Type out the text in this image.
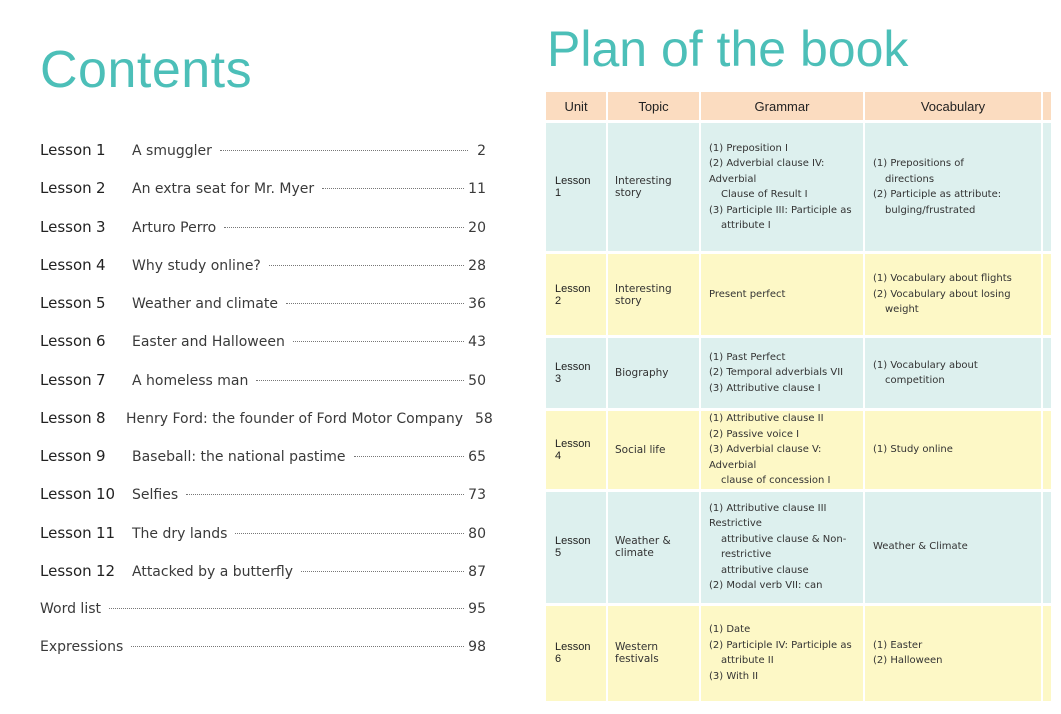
Contents
Lesson 1	A smuggler	2
Lesson 2	An extra seat for Mr. Myer	11
Lesson 3	Arturo Perro	20
Lesson 4	Why study online?	28
Lesson 5	Weather and climate	36
Lesson 6	Easter and Halloween	43
Lesson 7	A homeless man	50
Lesson 8	Henry Ford: the founder of Ford Motor Company 58
Lesson 9	Baseball: the national pastime	65
Lesson 10	Selfies	73
Lesson 11	The dry lands	80
Lesson 12	Attacked by a butterfly	87
Word list	95
Expressions	98
Plan of the book
Unit	Topic	Grammar	Vocabulary	
Lesson 1	Interesting story	(1) Preposition I
(2) Adverbial clause IV: Adverbial
Clause of Result I
(3) Participle III: Participle as
attribute I	(1) Prepositions of
directions
(2) Participle as attribute:
bulging/frustrated	

Lesson 2	Interesting story	Present perfect	(1) Vocabulary about flights
(2) Vocabulary about losing
weight	

Lesson 3	Biography	(1) Past Perfect
(2) Temporal adverbials VII
(3) Attributive clause I	(1) Vocabulary about
competition	

Lesson 4	Social life	(1) Attributive clause II
(2) Passive voice I
(3) Adverbial clause V: Adverbial
clause of concession I	(1) Study online	

Lesson 5	Weather & climate	(1) Attributive clause III Restrictive
attributive clause & Non-restrictive
attributive clause
(2) Modal verb VII: can	Weather & Climate	

Lesson 6	Western festivals	(1) Date
(2) Participle IV: Participle as
attribute II
(3) With II	(1) Easter
(2) Halloween	
